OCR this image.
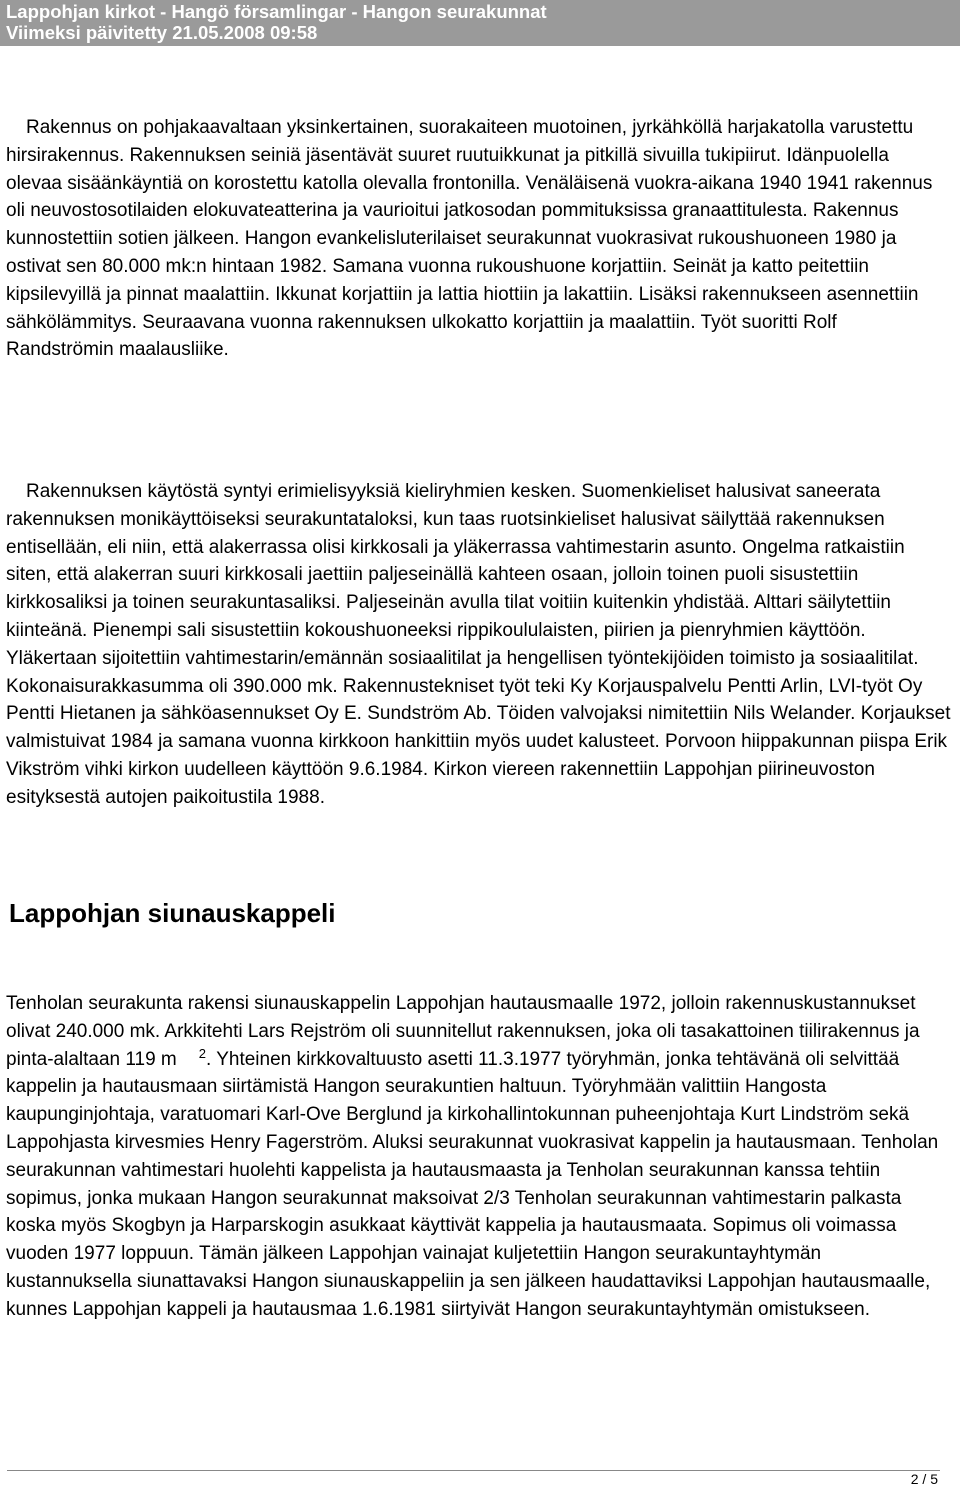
Lappohjan kirkot - Hangö församlingar - Hangon seurakunnat
Viimeksi päivitetty 21.05.2008 09:58

Rakennus on pohjakaavaltaan yksinkertainen, suorakaiteen muotoinen, jyrkähköllä harjakatolla varustettu hirsirakennus. Rakennuksen seiniä jäsentävät suuret ruutuikkunat ja pitkillä sivuilla tukipiirut. Idänpuolella olevaa sisäänkäyntiä on korostettu katolla olevalla frontonilla. Venäläisenä vuokra-aikana 1940 1941 rakennus oli neuvostosotilaiden elokuvateatterina ja vaurioitui jatkosodan pommituksissa granaattitulesta. Rakennus kunnostettiin sotien jälkeen. Hangon evankelisluterilaiset seurakunnat vuokrasivat rukoushuoneen 1980 ja ostivat sen 80.000 mk:n hintaan 1982. Samana vuonna rukoushuone korjattiin. Seinät ja katto peitettiin kipsilevyillä ja pinnat maalattiin. Ikkunat korjattiin ja lattia hiottiin ja lakattiin. Lisäksi rakennukseen asennettiin sähkölämmitys. Seuraavana vuonna rakennuksen ulkokatto korjattiin ja maalattiin. Työt suoritti Rolf Randströmin maalausliike.

Rakennuksen käytöstä syntyi erimielisyyksiä kieliryhmien kesken. Suomenkieliset halusivat saneerata rakennuksen monikäyttöiseksi seurakuntataloksi, kun taas ruotsinkieliset halusivat säilyttää rakennuksen entisellään, eli niin, että alakerrassa olisi kirkkosali ja yläkerrassa vahtimestarin asunto. Ongelma ratkaistiin siten, että alakerran suuri kirkkosali jaettiin paljeseinällä kahteen osaan, jolloin toinen puoli sisustettiin kirkkosaliksi ja toinen seurakuntasaliksi. Paljeseinän avulla tilat voitiin kuitenkin yhdistää. Alttari säilytettiin kiinteänä. Pienempi sali sisustettiin kokoushuoneeksi rippikoululaisten, piirien ja pienryhmien käyttöön. Yläkertaan sijoitettiin vahtimestarin/emännän sosiaalitilat ja hengellisen työntekijöiden toimisto ja sosiaalitilat. Kokonaisurakkasumma oli 390.000 mk. Rakennustekniset työt teki Ky Korjauspalvelu Pentti Arlin, LVI-työt Oy Pentti Hietanen ja sähköasennukset Oy E. Sundström Ab. Töiden valvojaksi nimitettiin Nils Welander. Korjaukset valmistuivat 1984 ja samana vuonna kirkkoon hankittiin myös uudet kalusteet. Porvoon hiippakunnan piispa Erik Vikström vihki kirkon uudelleen käyttöön 9.6.1984. Kirkon viereen rakennettiin Lappohjan piirineuvoston esityksestä autojen paikoitustila 1988.

Lappohjan siunauskappeli

Tenholan seurakunta rakensi siunauskappelin Lappohjan hautausmaalle 1972, jolloin rakennuskustannukset olivat 240.000 mk. Arkkitehti Lars Rejström oli suunnitellut rakennuksen, joka oli tasakattoinen tiilirakennus ja pinta-alaltaan 119 m $^2$. Yhteinen kirkkovaltuusto asetti 11.3.1977 työryhmän, jonka tehtävänä oli selvittää kappelin ja hautausmaan siirtämistä Hangon seurakuntien haltuun. Työryhmään valittiin Hangosta kaupunginjohtaja, varatuomari Karl-Ove Berglund ja kirkohallintokunnan puheenjohtaja Kurt Lindström sekä Lappohjasta kirvesmies Henry Fagerström. Aluksi seurakunnat vuokrasivat kappelin ja hautausmaan. Tenholan seurakunnan vahtimestari huolehti kappelista ja hautausmaasta ja Tenholan seurakunnan kanssa tehtiin sopimus, jonka mukaan Hangon seurakunnat maksoivat 2/3 Tenholan seurakunnan vahtimestarin palkasta koska myös Skogbyn ja Harparskogin asukkaat käyttivät kappelia ja hautausmaata. Sopimus oli voimassa vuoden 1977 loppuun. Tämän jälkeen Lappohjan vainajat kuljetettiin Hangon seurakuntayhtymän kustannuksella siunattavaksi Hangon siunauskappeliin ja sen jälkeen haudattaviksi Lappohjan hautausmaalle, kunnes Lappohjan kappeli ja hautausmaa 1.6.1981 siirtyivät Hangon seurakuntayhtymän omistukseen.

2 / 5
